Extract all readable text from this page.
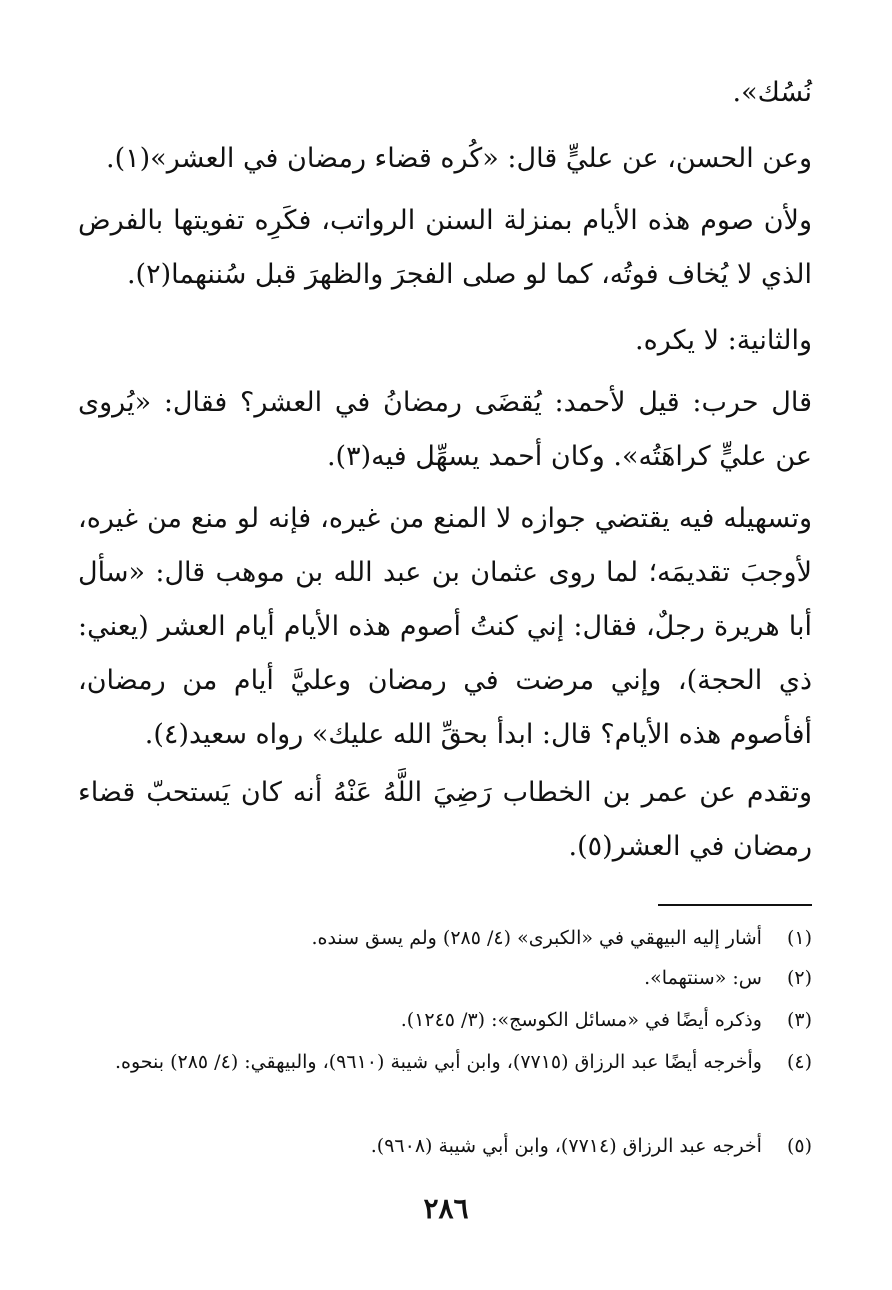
نُسُك».

وعن الحسن، عن عليٍّ قال: «كُره قضاء رمضان في العشر»(١).

ولأن صوم هذه الأيام بمنزلة السنن الرواتب، فكَرِه تفويتها بالفرض الذي لا يُخاف فوتُه، كما لو صلى الفجرَ والظهرَ قبل سُننهما(٢).

والثانية: لا يكره.

قال حرب: قيل لأحمد: يُقضَى رمضانُ في العشر؟ فقال: «يُروى عن عليٍّ كراهَتُه». وكان أحمد يسهِّل فيه(٣).

وتسهيله فيه يقتضي جوازه لا المنع من غيره، فإنه لو منع من غيره، لأوجبَ تقديمَه؛ لما روى عثمان بن عبد الله بن موهب قال: «سأل أبا هريرة رجلٌ، فقال: إني كنتُ أصوم هذه الأيام أيام العشر (يعني: ذي الحجة)، وإني مرضت في رمضان وعليَّ أيام من رمضان، أفأصوم هذه الأيام؟ قال: ابدأ بحقِّ الله عليك» رواه سعيد(٤).

وتقدم عن عمر بن الخطاب رَضِيَ اللَّهُ عَنْهُ أنه كان يَستحبّ قضاء رمضان في العشر(٥).

(١) أشار إليه البيهقي في «الكبرى» (٤/ ٢٨٥) ولم يسق سنده.

(٢) س: «سنتهما».

(٣) وذكره أيضًا في «مسائل الكوسج»: (٣/ ١٢٤٥).

(٤) وأخرجه أيضًا عبد الرزاق (٧٧١٥)، وابن أبي شيبة (٩٦١٠)، والبيهقي: (٤/ ٢٨٥) بنحوه.

(٥) أخرجه عبد الرزاق (٧٧١٤)، وابن أبي شيبة (٩٦٠٨).

٢٨٦
